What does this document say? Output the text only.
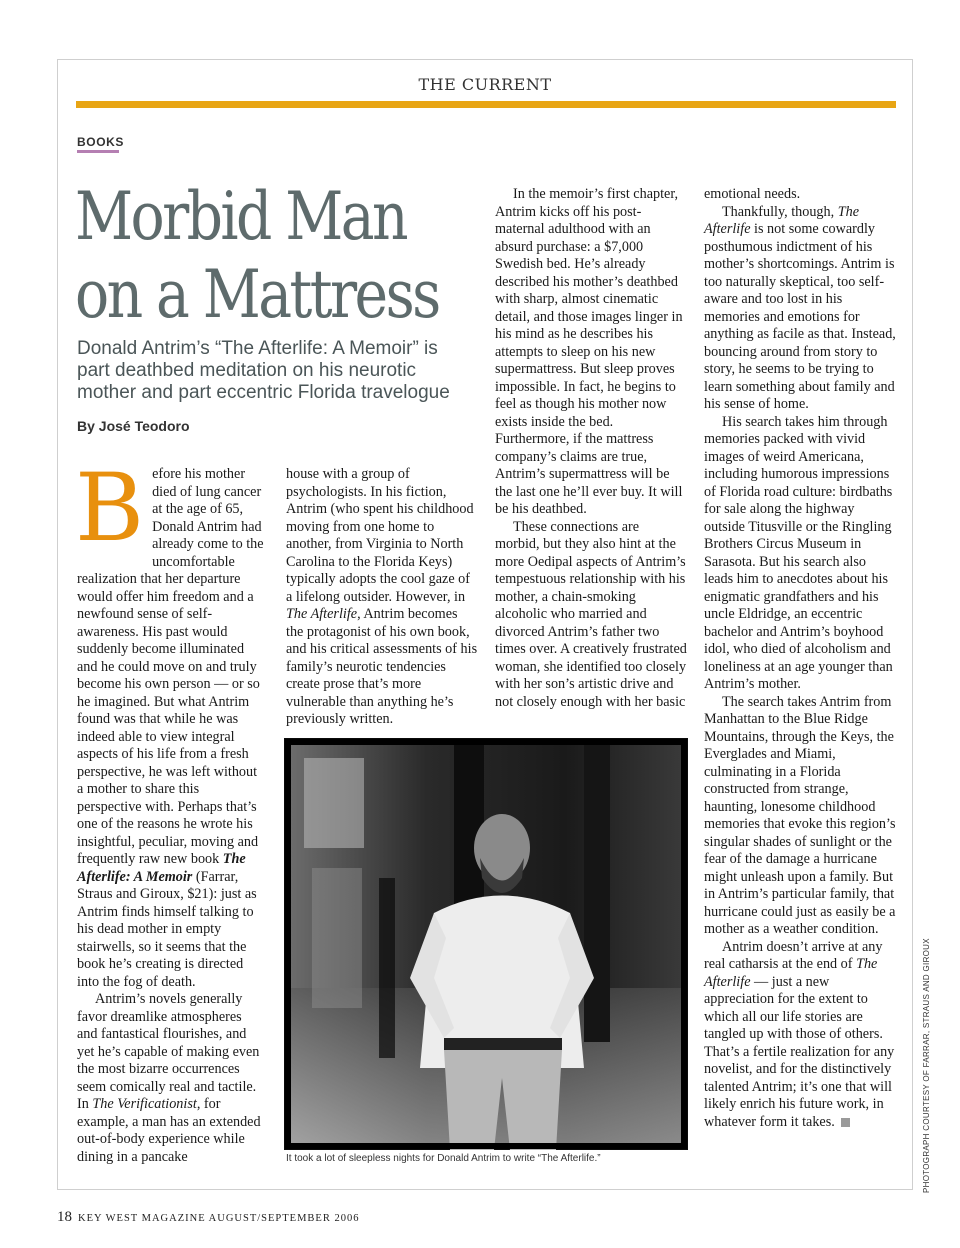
THE CURRENT
BOOKS
Morbid Man
on a Mattress
Donald Antrim’s “The Afterlife: A Memoir” is part deathbed meditation on his neurotic mother and part eccentric Florida travelogue
By José Teodoro

Before his mother died of lung cancer at the age of 65, Donald Antrim had already come to the uncomfortable realization that her departure would offer him freedom and a newfound sense of self-awareness. His past would suddenly become illuminated and he could move on and truly become his own person — or so he imagined. But what Antrim found was that while he was indeed able to view integral aspects of his life from a fresh perspective, he was left without a mother to share this perspective with. Perhaps that’s one of the reasons he wrote his insightful, peculiar, moving and frequently raw new book The Afterlife: A Memoir (Farrar, Straus and Giroux, $21): just as Antrim finds himself talking to his dead mother in empty stairwells, so it seems that the book he’s creating is directed into the fog of death.

Antrim’s novels generally favor dreamlike atmospheres and fantastical flourishes, and yet he’s capable of making even the most bizarre occurrences seem comically real and tactile. In The Verificationist, for example, a man has an extended out-of-body experience while dining in a pancake

house with a group of psychologists. In his fiction, Antrim (who spent his childhood moving from one home to another, from Virginia to North Carolina to the Florida Keys) typically adopts the cool gaze of a lifelong outsider. However, in The Afterlife, Antrim becomes the protagonist of his own book, and his critical assessments of his family’s neurotic tendencies create prose that’s more vulnerable than anything he’s previously written.

In the memoir’s first chapter, Antrim kicks off his post-maternal adulthood with an absurd purchase: a $7,000 Swedish bed. He’s already described his mother’s deathbed with sharp, almost cinematic detail, and those images linger in his mind as he describes his attempts to sleep on his new supermattress. But sleep proves impossible. In fact, he begins to feel as though his mother now exists inside the bed. Furthermore, if the mattress company’s claims are true, Antrim’s supermattress will be the last one he’ll ever buy. It will be his deathbed.

These connections are morbid, but they also hint at the more Oedipal aspects of Antrim’s tempestuous relationship with his mother, a chain-smoking alcoholic who married and divorced Antrim’s father two times over. A creatively frustrated woman, she identified too closely with her son’s artistic drive and not closely enough with her basic

emotional needs.

Thankfully, though, The Afterlife is not some cowardly posthumous indictment of his mother’s shortcomings. Antrim is too naturally skeptical, too self-aware and too lost in his memories and emotions for anything as facile as that. Instead, bouncing around from story to story, he seems to be trying to learn something about family and his sense of home.

His search takes him through memories packed with vivid images of weird Americana, including humorous impressions of Florida road culture: birdbaths for sale along the highway outside Titusville or the Ringling Brothers Circus Museum in Sarasota. But his search also leads him to anecdotes about his enigmatic grandfathers and his uncle Eldridge, an eccentric bachelor and Antrim’s boyhood idol, who died of alcoholism and loneliness at an age younger than Antrim’s mother.

The search takes Antrim from Manhattan to the Blue Ridge Mountains, through the Keys, the Everglades and Miami, culminating in a Florida constructed from strange, haunting, lonesome childhood memories that evoke this region’s singular shades of sunlight or the fear of the damage a hurricane might unleash upon a family. But in Antrim’s particular family, that hurricane could just as easily be a mother as a weather condition.

Antrim doesn’t arrive at any real catharsis at the end of The Afterlife — just a new appreciation for the extent to which all our life stories are tangled up with those of others. That’s a fertile realization for any novelist, and for the distinctively talented Antrim; it’s one that will likely enrich his future work, in whatever form it takes.

It took a lot of sleepless nights for Donald Antrim to write “The Afterlife.”	PHOTOGRAPH COURTESY OF FARRAR, STRAUS AND GIROUX
18 KEY WEST MAGAZINE AUGUST/SEPTEMBER 2006
